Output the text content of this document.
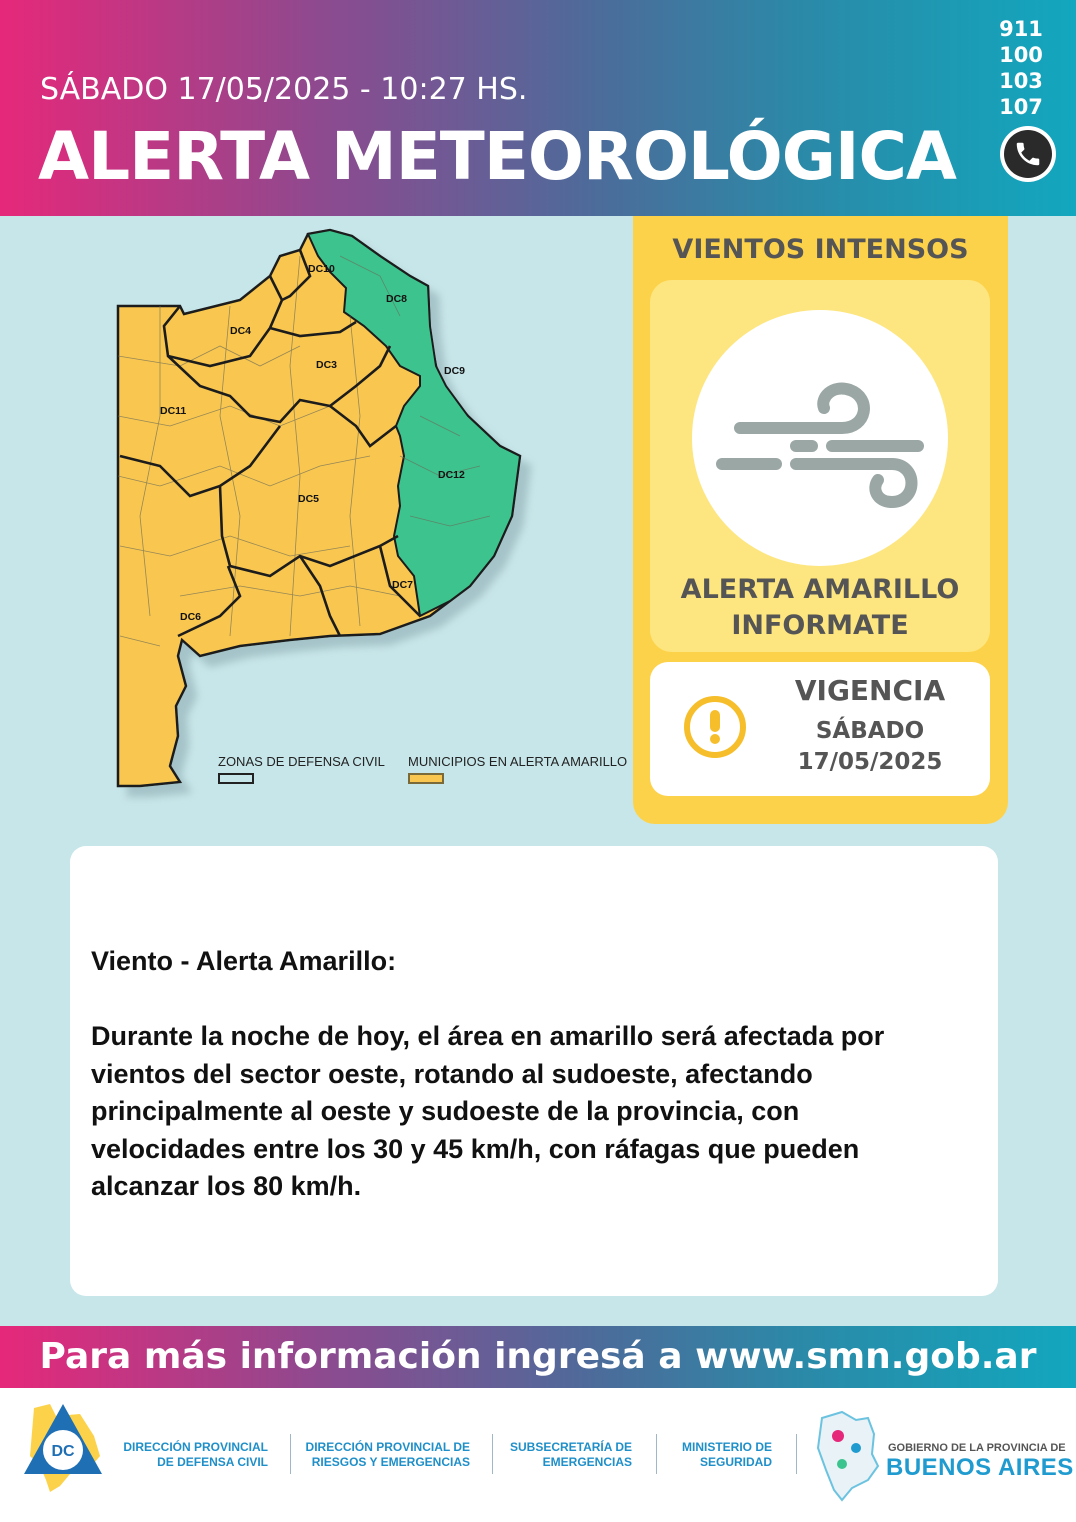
SÁBADO 17/05/2025 - 10:27 HS.
ALERTA METEOROLÓGICA
911
100
103
107
DC10
DC8
DC4
DC3	DC9
DC11
DC12
DC5
DC7
DC6
ZONAS DE DEFENSA CIVIL MUNICIPIOS EN ALERTA AMARILLO
VIENTOS INTENSOS
ALERTA AMARILLO
INFORMATE
VIGENCIA
SÁBADO
17/05/2025
Viento - Alerta Amarillo:
Durante la noche de hoy, el área en amarillo será afectada por
vientos del sector oeste, rotando al sudoeste, afectando
principalmente al oeste y sudoeste de la provincia, con
velocidades entre los 30 y 45 km/h, con ráfagas que pueden
alcanzar los 80 km/h.
Para más información ingresá a www.smn.gob.ar
DC	DIRECCIÓN PROVINCIAL
DE DEFENSA CIVIL
DIRECCIÓN PROVINCIAL DE
RIESGOS Y EMERGENCIAS
SUBSECRETARÍA DE
EMERGENCIAS
MINISTERIO DE
SEGURIDAD
GOBIERNO DE LA PROVINCIA DE
BUENOS AIRES
